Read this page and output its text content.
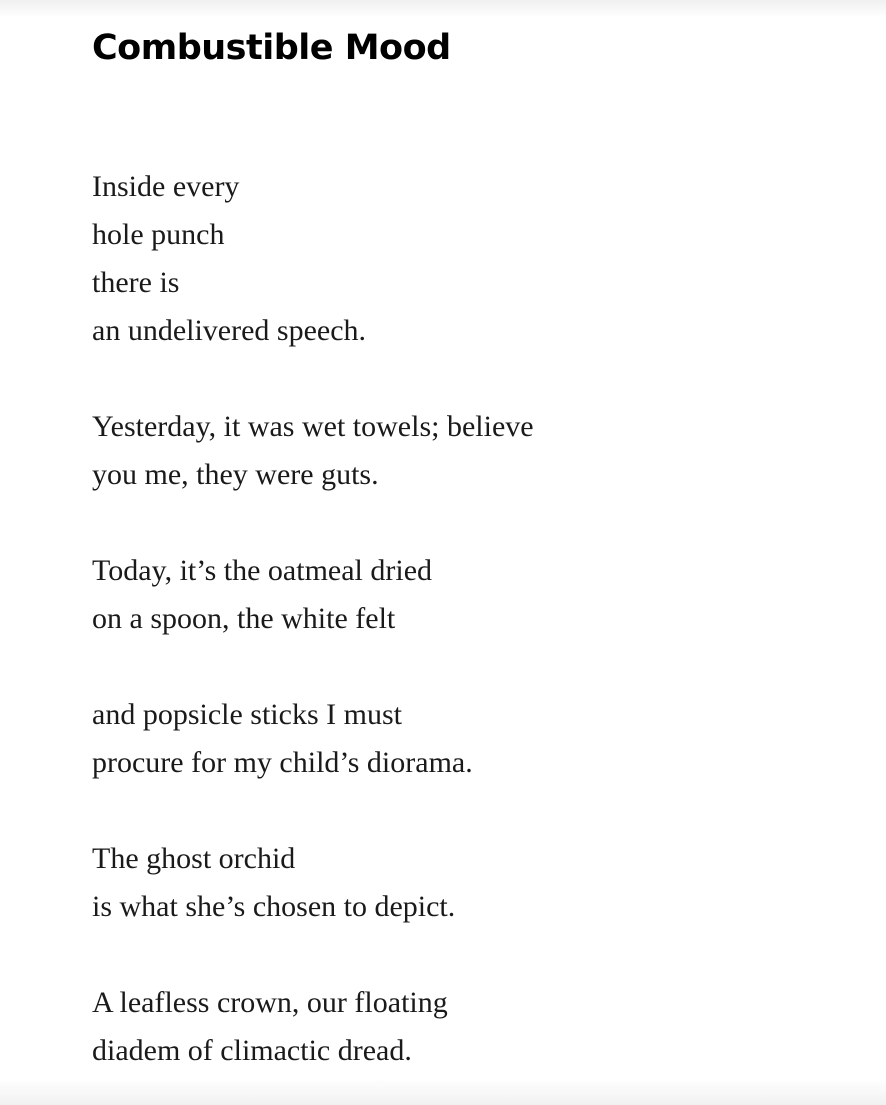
Combustible Mood
Inside every
hole punch
there is
an undelivered speech.
Yesterday, it was wet towels; believe
you me, they were guts.
Today, it’s the oatmeal dried
on a spoon, the white felt
and popsicle sticks I must
procure for my child’s diorama.
The ghost orchid
is what she’s chosen to depict.
A leafless crown, our floating
diadem of climactic dread.
